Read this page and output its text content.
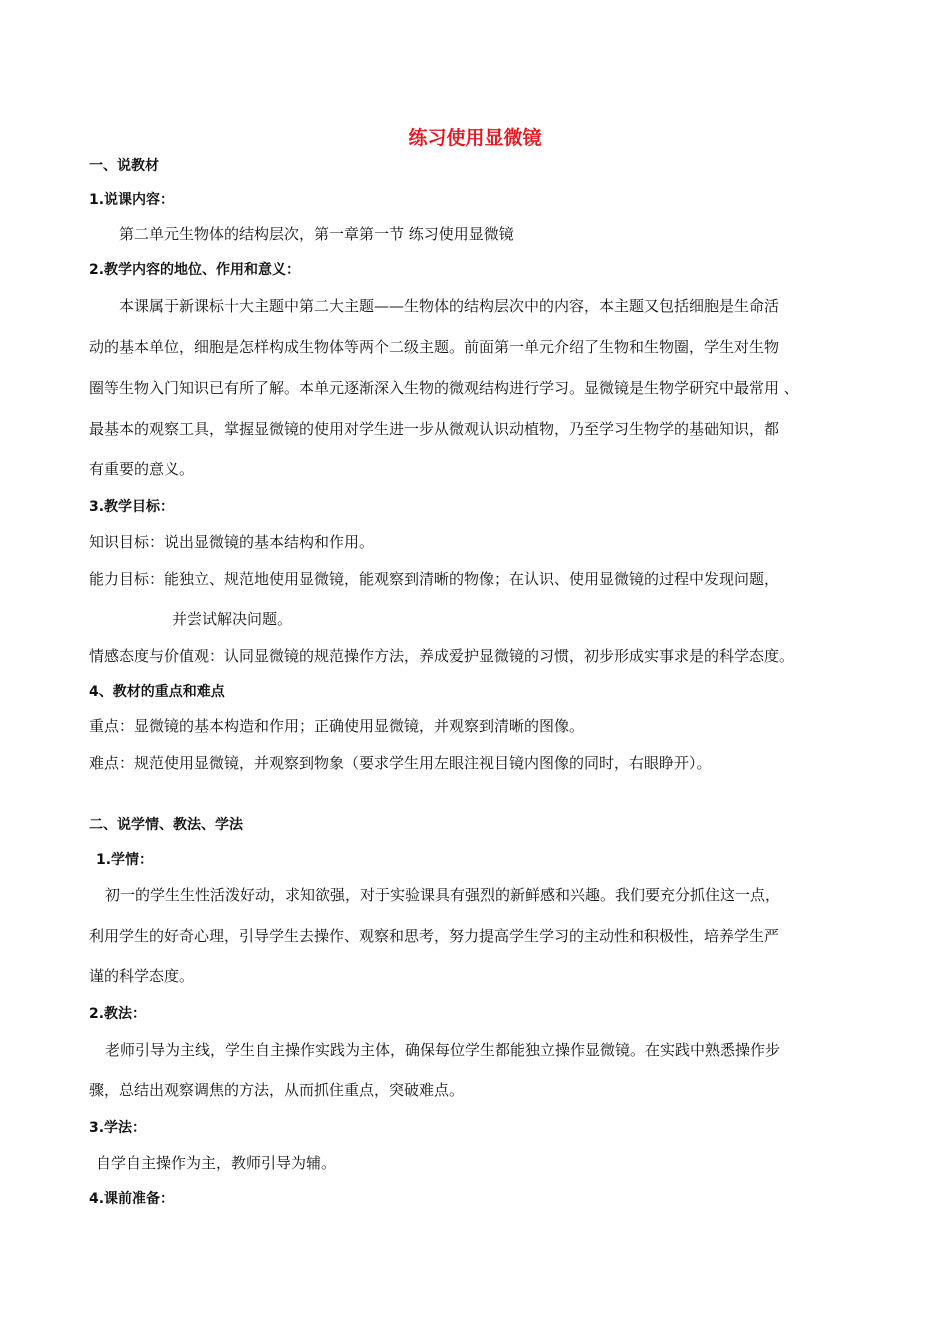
练习使用显微镜
一、说教材
1.说课内容：
第二单元生物体的结构层次，第一章第一节 练习使用显微镜
2.教学内容的地位、作用和意义：
本课属于新课标十大主题中第二大主题——生物体的结构层次中的内容，本主题又包括细胞是生命活
动的基本单位，细胞是怎样构成生物体等两个二级主题。前面第一单元介绍了生物和生物圈，学生对生物
圈等生物入门知识已有所了解。本单元逐渐深入生物的微观结构进行学习。显微镜是生物学研究中最常用 、
最基本的观察工具，掌握显微镜的使用对学生进一步从微观认识动植物，乃至学习生物学的基础知识，都
有重要的意义。
3.教学目标：
知识目标：说出显微镜的基本结构和作用。
能力目标：能独立、规范地使用显微镜，能观察到清晰的物像；在认识、使用显微镜的过程中发现问题，
并尝试解决问题。
情感态度与价值观：认同显微镜的规范操作方法，养成爱护显微镜的习惯，初步形成实事求是的科学态度。
4、教材的重点和难点
重点：显微镜的基本构造和作用；正确使用显微镜，并观察到清晰的图像。
难点：规范使用显微镜，并观察到物象（要求学生用左眼注视目镜内图像的同时，右眼睁开）。
二、说学情、教法、学法
1.学情：
初一的学生生性活泼好动，求知欲强，对于实验课具有强烈的新鲜感和兴趣。我们要充分抓住这一点，
利用学生的好奇心理，引导学生去操作、观察和思考，努力提高学生学习的主动性和积极性，培养学生严
谨的科学态度。
2.教法：
老师引导为主线，学生自主操作实践为主体，确保每位学生都能独立操作显微镜。在实践中熟悉操作步
骤，总结出观察调焦的方法，从而抓住重点，突破难点。
3.学法：
自学自主操作为主，教师引导为辅。
4.课前准备：
